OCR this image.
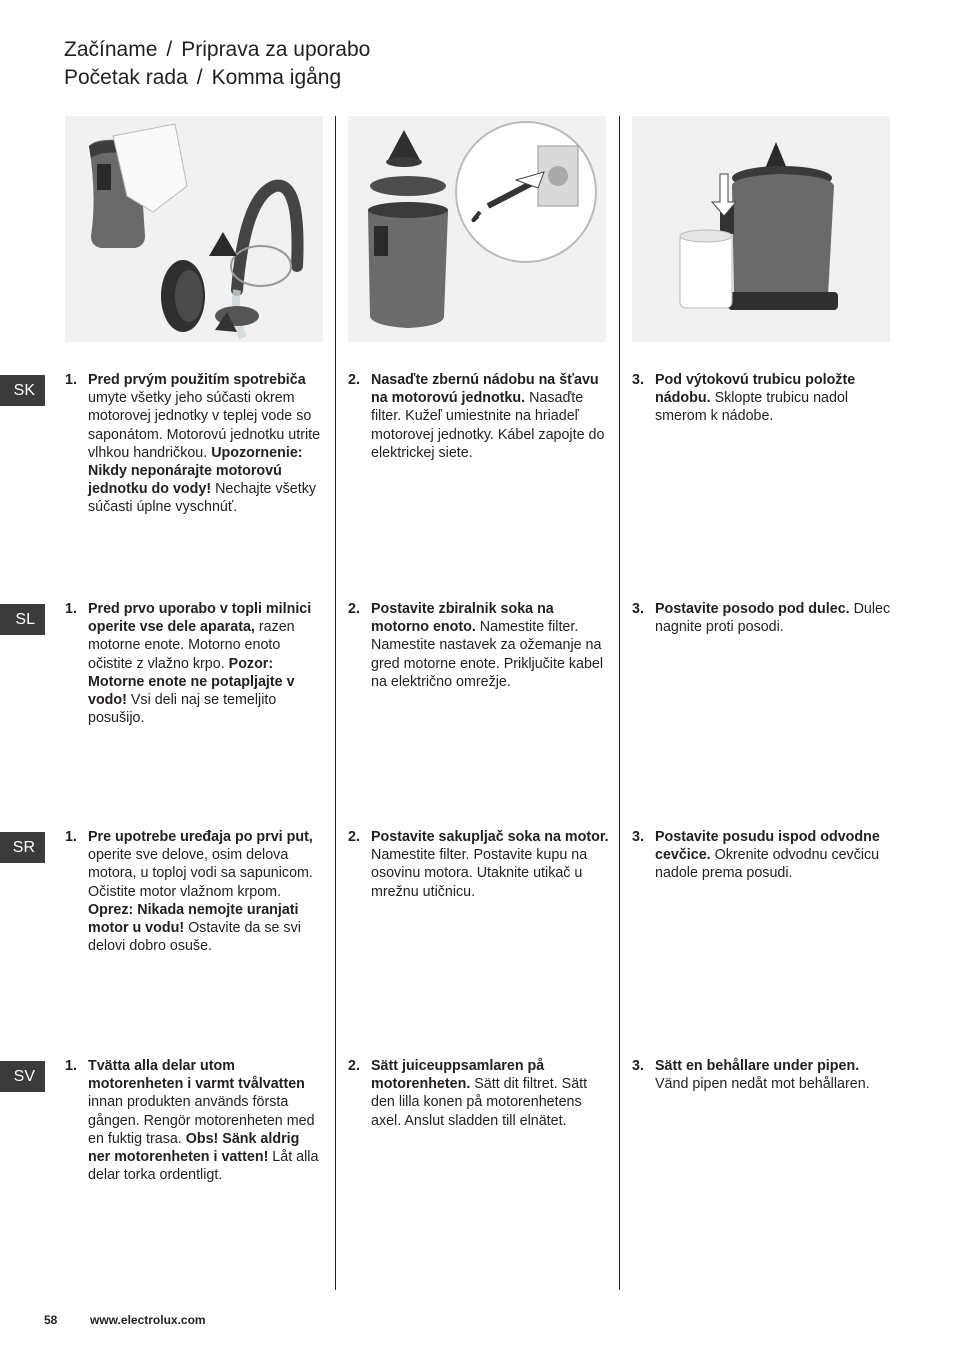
Začíname / Priprava za uporabo
Početak rada / Komma igång
SK
1. Pred prvým použitím spotrebiča umyte všetky jeho súčasti okrem motorovej jednotky v teplej vode so saponátom. Motorovú jednotku utrite vlhkou handričkou. Upozornenie: Nikdy neponárajte motorovú jednotku do vody! Nechajte všetky súčasti úplne vyschnúť.
2. Nasaďte zbernú nádobu na šťavu na motorovú jednotku. Nasaďte filter. Kužeľ umiestnite na hriadeľ motorovej jednotky. Kábel zapojte do elektrickej siete.
3. Pod výtokovú trubicu položte nádobu. Sklopte trubicu nadol smerom k nádobe.
SL
1. Pred prvo uporabo v topli milnici operite vse dele aparata, razen motorne enote. Motorno enoto očistite z vlažno krpo. Pozor: Motorne enote ne potapljajte v vodo! Vsi deli naj se temeljito posušijo.
2. Postavite zbiralnik soka na motorno enoto. Namestite filter. Namestite nastavek za ožemanje na gred motorne enote. Priključite kabel na električno omrežje.
3. Postavite posodo pod dulec. Dulec nagnite proti posodi.
SR
1. Pre upotrebe uređaja po prvi put, operite sve delove, osim delova motora, u toploj vodi sa sapunicom. Očistite motor vlažnom krpom. Oprez: Nikada nemojte uranjati motor u vodu! Ostavite da se svi delovi dobro osuše.
2. Postavite sakupljač soka na motor. Namestite filter. Postavite kupu na osovinu motora. Utaknite utikač u mrežnu utičnicu.
3. Postavite posudu ispod odvodne cevčice. Okrenite odvodnu cevčicu nadole prema posudi.
SV
1. Tvätta alla delar utom motorenheten i varmt tvålvatten innan produkten används första gången. Rengör motorenheten med en fuktig trasa. Obs! Sänk aldrig ner motorenheten i vatten! Låt alla delar torka ordentligt.
2. Sätt juiceuppsamlaren på motorenheten. Sätt dit filtret. Sätt den lilla konen på motorenhetens axel. Anslut sladden till elnätet.
3. Sätt en behållare under pipen. Vänd pipen nedåt mot behållaren.
58	www.electrolux.com
